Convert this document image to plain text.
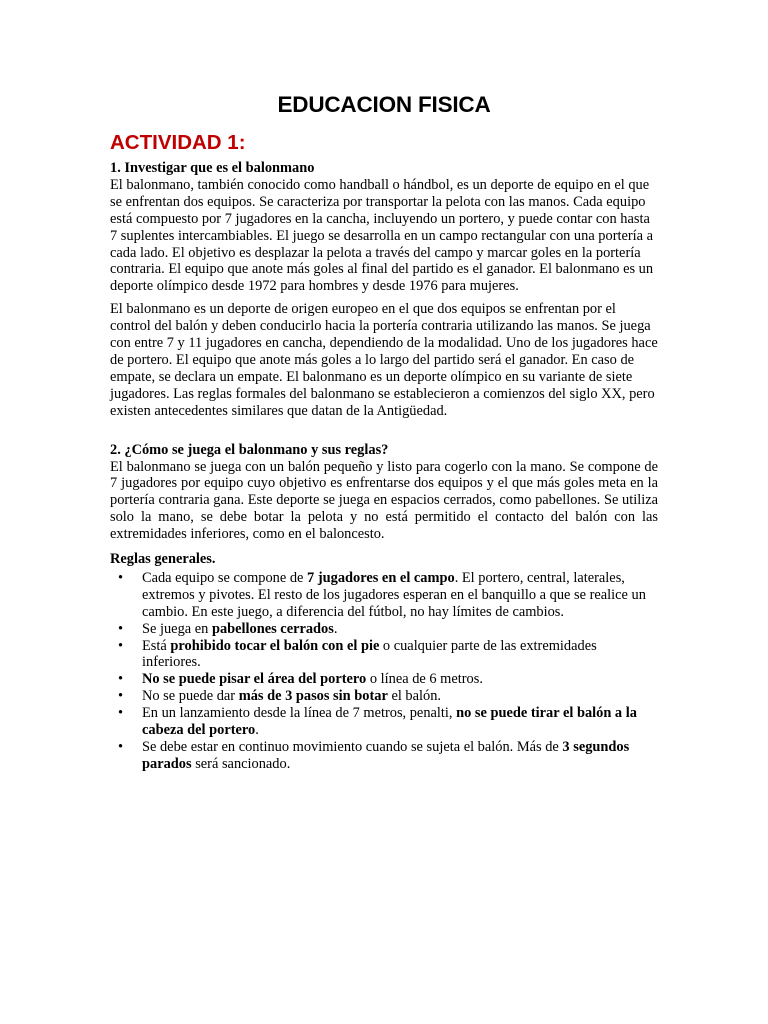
EDUCACION FISICA
ACTIVIDAD 1:

1. Investigar que es el balonmano

El balonmano, también conocido como handball o hándbol, es un deporte de equipo en el que se enfrentan dos equipos. Se caracteriza por transportar la pelota con las manos. Cada equipo está compuesto por 7 jugadores en la cancha, incluyendo un portero, y puede contar con hasta 7 suplentes intercambiables. El juego se desarrolla en un campo rectangular con una portería a cada lado. El objetivo es desplazar la pelota a través del campo y marcar goles en la portería contraria. El equipo que anote más goles al final del partido es el ganador. El balonmano es un deporte olímpico desde 1972 para hombres y desde 1976 para mujeres.

El balonmano es un deporte de origen europeo en el que dos equipos se enfrentan por el control del balón y deben conducirlo hacia la portería contraria utilizando las manos. Se juega con entre 7 y 11 jugadores en cancha, dependiendo de la modalidad. Uno de los jugadores hace de portero. El equipo que anote más goles a lo largo del partido será el ganador. En caso de empate, se declara un empate. El balonmano es un deporte olímpico en su variante de siete jugadores. Las reglas formales del balonmano se establecieron a comienzos del siglo XX, pero existen antecedentes similares que datan de la Antigüedad.

2. ¿Cómo se juega el balonmano y sus reglas?

El balonmano se juega con un balón pequeño y listo para cogerlo con la mano. Se compone de 7 jugadores por equipo cuyo objetivo es enfrentarse dos equipos y el que más goles meta en la portería contraria gana. Este deporte se juega en espacios cerrados, como pabellones. Se utiliza solo la mano, se debe botar la pelota y no está permitido el contacto del balón con las extremidades inferiores, como en el baloncesto.

Reglas generales.

• Cada equipo se compone de 7 jugadores en el campo. El portero, central, laterales, extremos y pivotes. El resto de los jugadores esperan en el banquillo a que se realice un cambio. En este juego, a diferencia del fútbol, no hay límites de cambios.
• Se juega en pabellones cerrados.
• Está prohibido tocar el balón con el pie o cualquier parte de las extremidades inferiores.
• No se puede pisar el área del portero o línea de 6 metros.
• No se puede dar más de 3 pasos sin botar el balón.
• En un lanzamiento desde la línea de 7 metros, penalti, no se puede tirar el balón a la cabeza del portero.
• Se debe estar en continuo movimiento cuando se sujeta el balón. Más de 3 segundos parados será sancionado.
